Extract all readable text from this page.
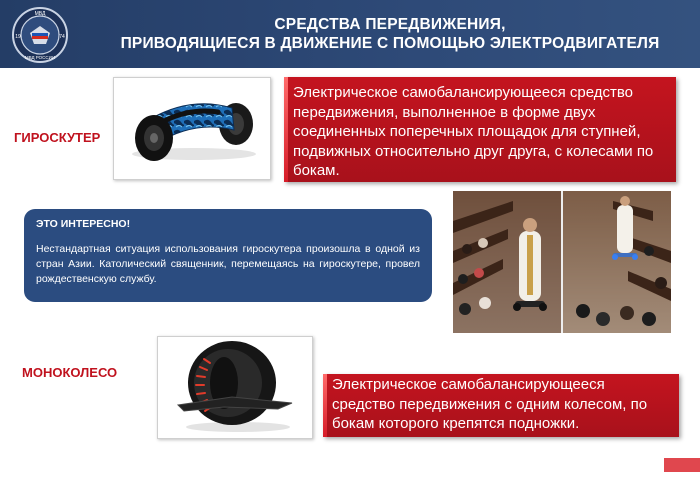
МВД
19	74
МВД РОССИИ
СРЕДСТВА ПЕРЕДВИЖЕНИЯ,
ПРИВОДЯЩИЕСЯ В ДВИЖЕНИЕ С ПОМОЩЬЮ ЭЛЕКТРОДВИГАТЕЛЯ
ГИРОСКУТЕР
Электрическое самобалансирующееся средство передвижения, выполненное в форме двух соединенных поперечных площадок для ступней, подвижных относительно друг друга, с колесами по бокам.
ЭТО ИНТЕРЕСНО!
Нестандартная ситуация использования гироскутера произошла в одной из стран Азии. Католический священник, перемещаясь на гироскутере, провел рождественскую службу.
МОНОКОЛЕСО
Электрическое самобалансирующееся средство передвижения с одним колесом, по бокам которого крепятся подножки.
